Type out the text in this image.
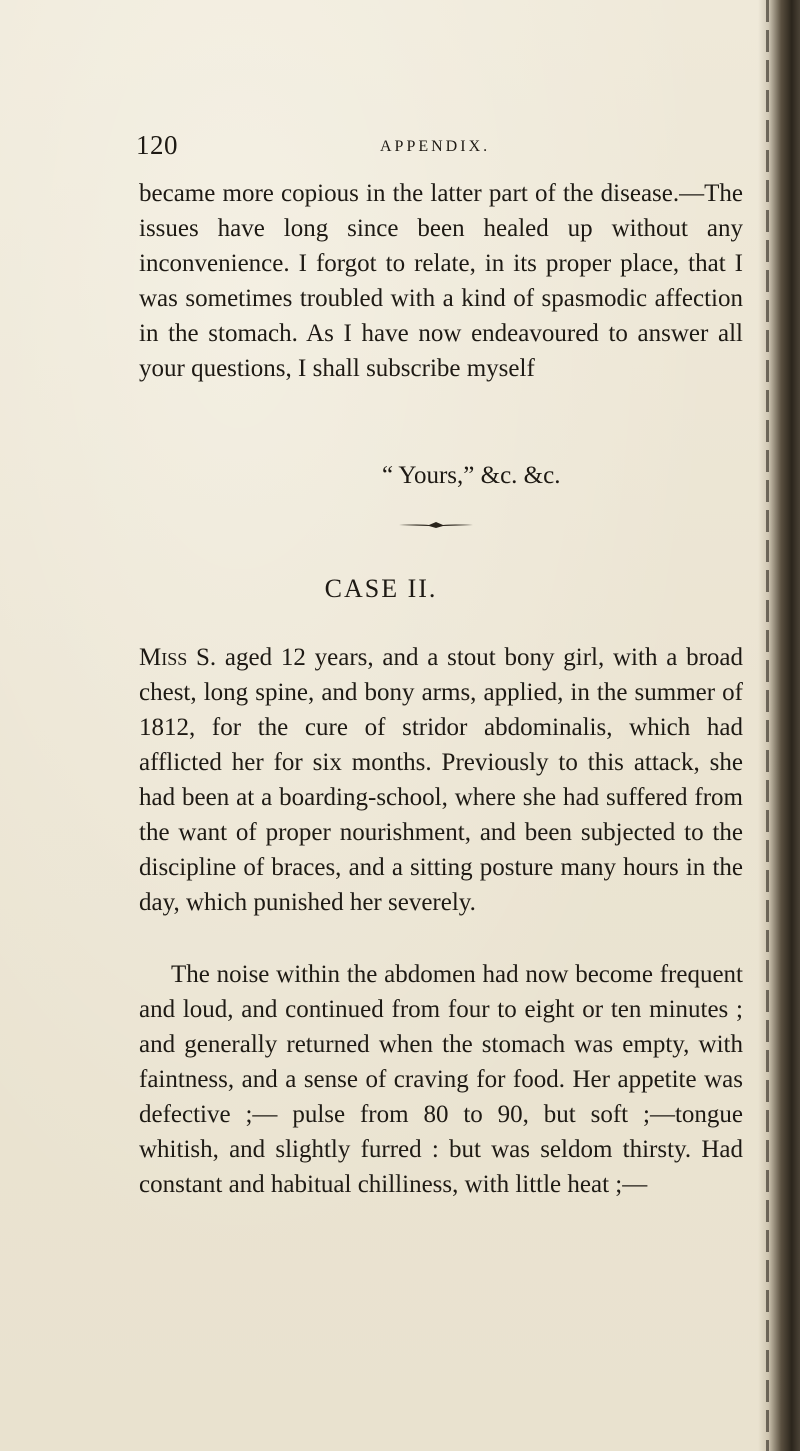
120	APPENDIX.

became more copious in the latter part of the disease.—The issues have long since been healed up without any inconvenience. I forgot to relate, in its proper place, that I was sometimes troubled with a kind of spasmodic affection in the stomach. As I have now endeavoured to answer all your questions, I shall subscribe myself

“ Yours,” &c. &c.
CASE II.

Miss S. aged 12 years, and a stout bony girl, with a broad chest, long spine, and bony arms, applied, in the summer of 1812, for the cure of stridor abdominalis, which had afflicted her for six months. Previously to this attack, she had been at a boarding-school, where she had suffered from the want of proper nourishment, and been subjected to the discipline of braces, and a sitting posture many hours in the day, which punished her severely.

The noise within the abdomen had now become frequent and loud, and continued from four to eight or ten minutes ; and generally returned when the stomach was empty, with faintness, and a sense of craving for food. Her appetite was defective ;— pulse from 80 to 90, but soft ;—tongue whitish, and slightly furred : but was seldom thirsty. Had constant and habitual chilliness, with little heat ;—
